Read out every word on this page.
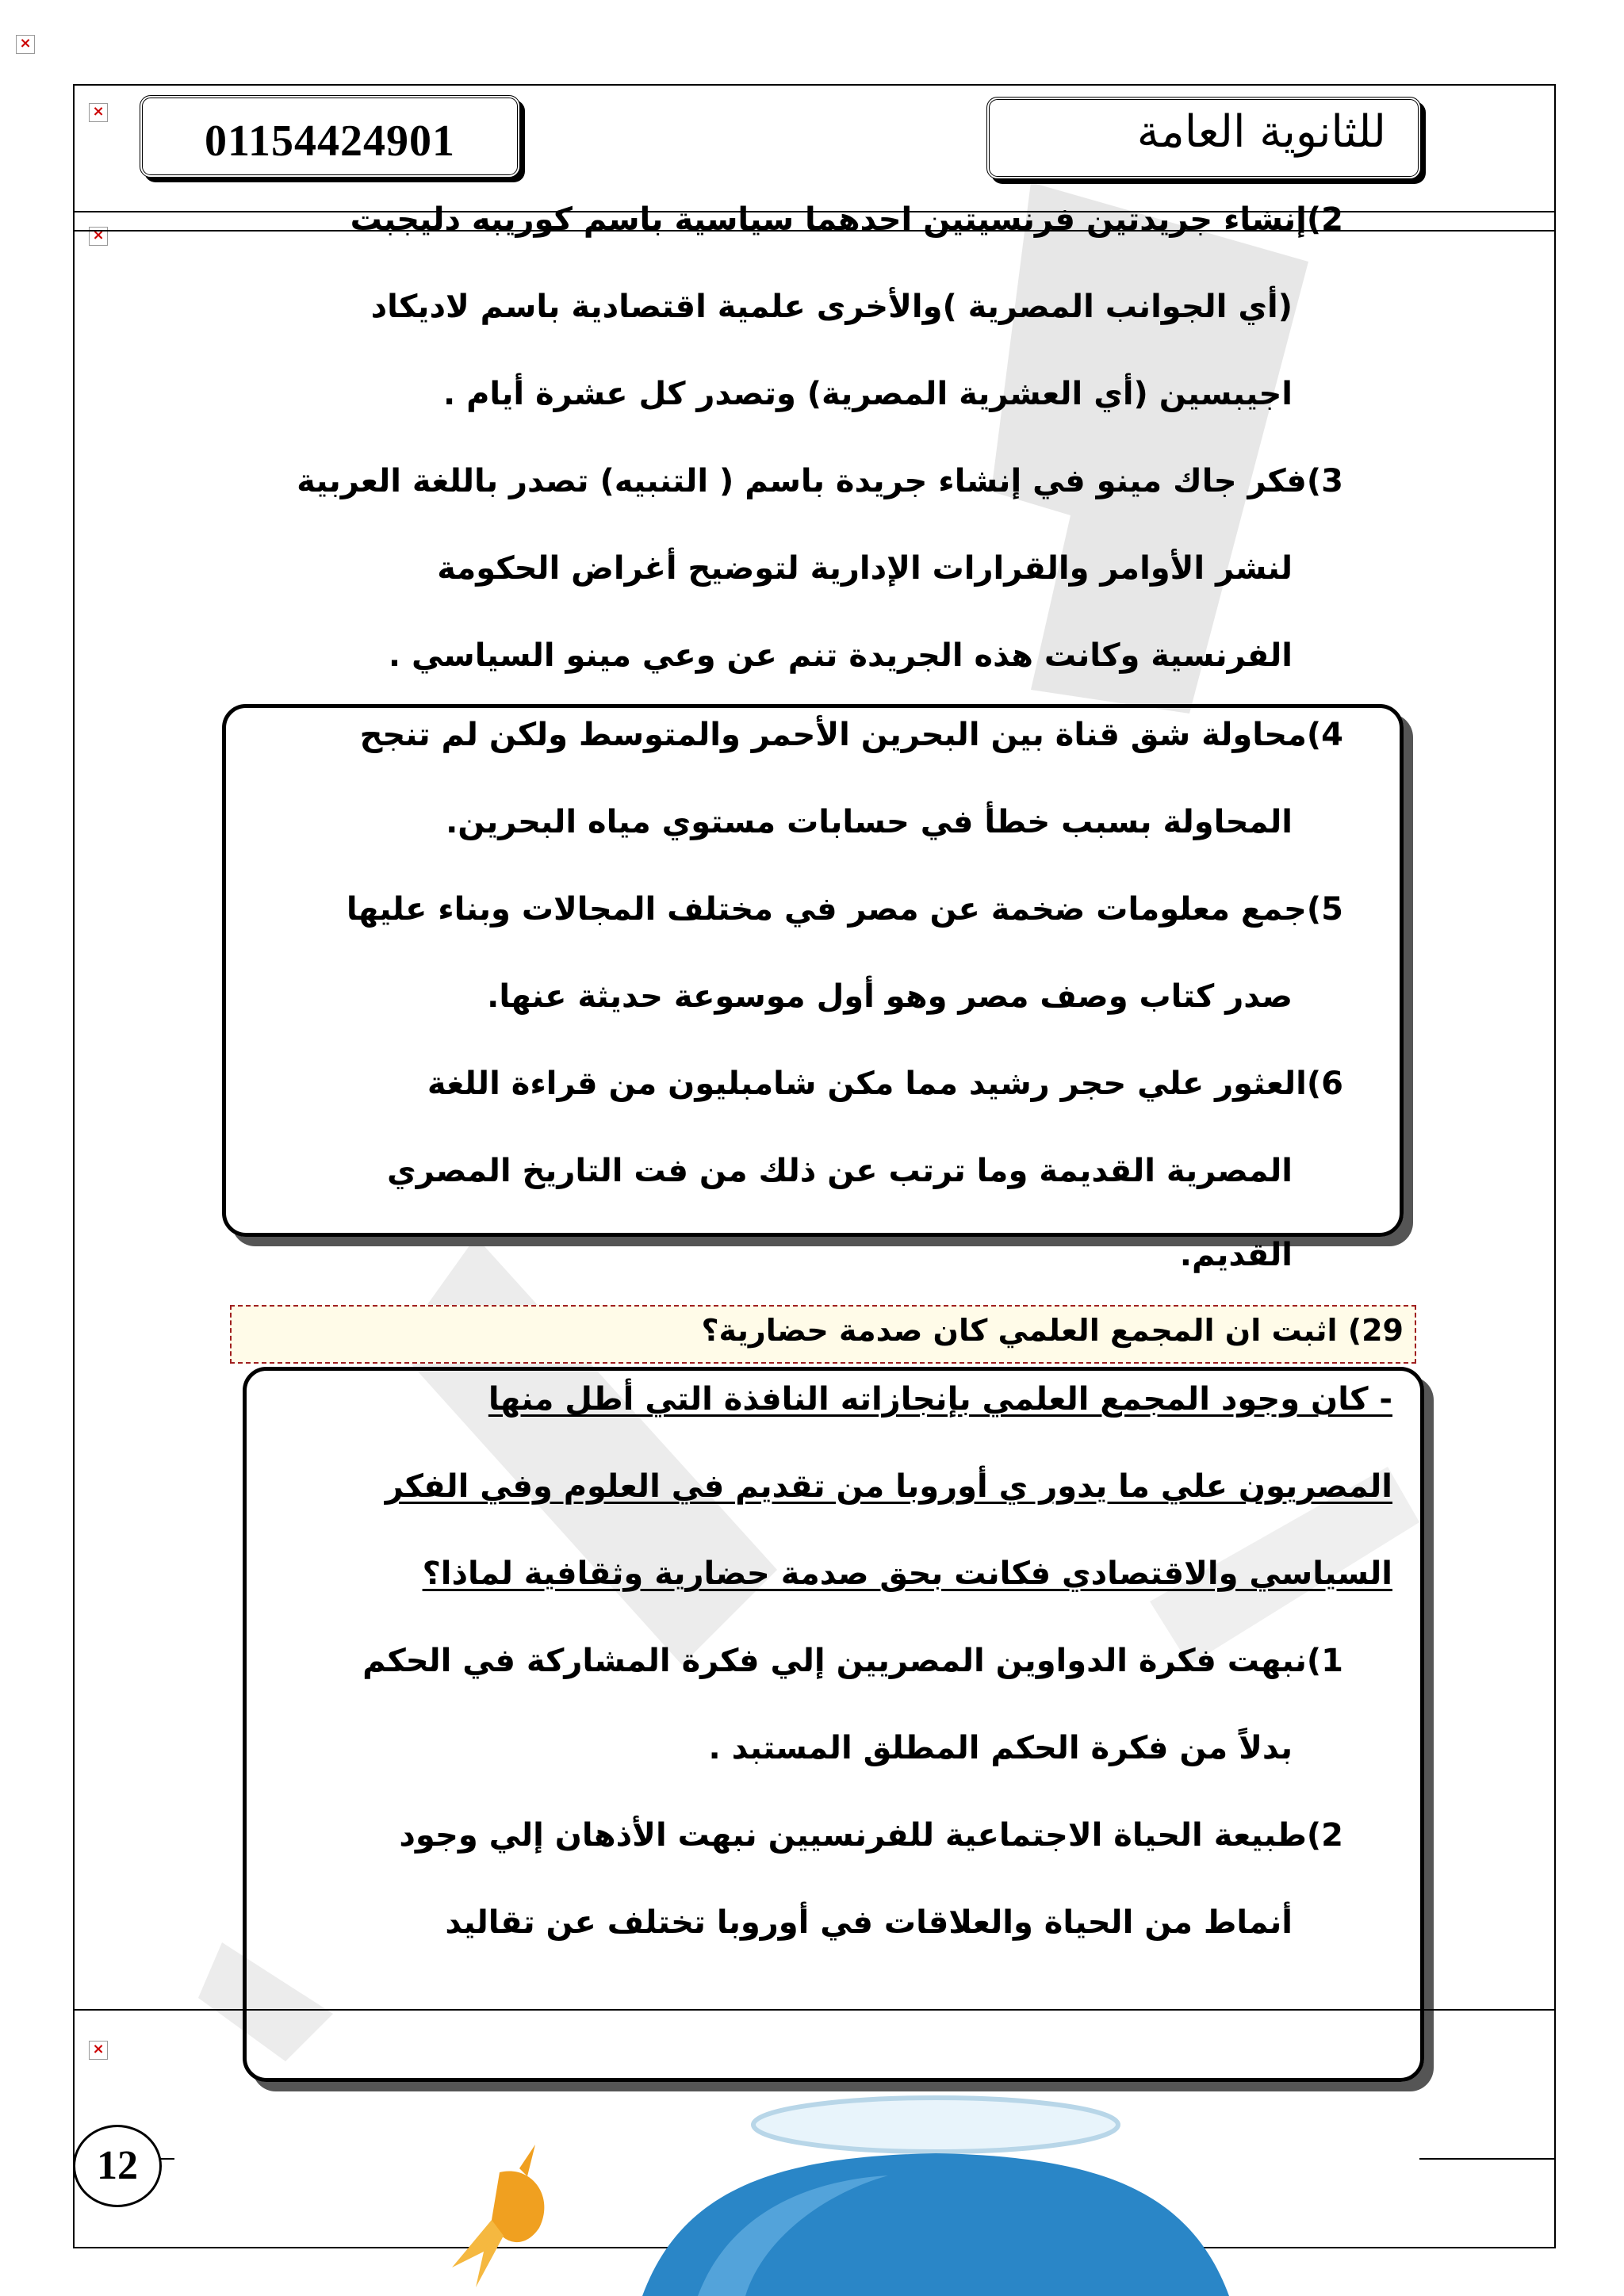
×
×
×
×
01154424901	للثانوية العامة
2)إنشاء جريدتين فرنسيتين احدهما سياسية باسم كوريبه دليجبت
(أي الجوانب المصرية )والأخرى علمية اقتصادية باسم لاديكاد
اجيبسين (أي العشرية المصرية) وتصدر كل عشرة أيام .
3)فكر جاك مينو في إنشاء جريدة باسم ( التنبيه) تصدر باللغة العربية
لنشر الأوامر والقرارات الإدارية لتوضيح أغراض الحكومة
الفرنسية وكانت هذه الجريدة تنم عن وعي مينو السياسي .
4)محاولة شق قناة بين البحرين الأحمر والمتوسط ولكن لم تنجح
المحاولة بسبب خطأ في حسابات مستوي مياه البحرين.
5)جمع معلومات ضخمة عن مصر في مختلف المجالات وبناء عليها
صدر كتاب وصف مصر وهو أول موسوعة حديثة عنها.
6)العثور علي حجر رشيد مما مكن شامبليون من قراءة اللغة
المصرية القديمة وما ترتب عن ذلك من فت التاريخ المصري
القديم.
29) اثبت ان المجمع العلمي كان صدمة حضارية؟
- كان وجود المجمع العلمي بإنجازاته النافذة التي أطل منها
المصريون علي ما يدور ي أوروبا من تقديم في العلوم وفي الفكر
السياسي والاقتصادي فكانت بحق صدمة حضارية وثقافية لماذا؟
1)نبهت فكرة الدواوين المصريين إلي فكرة المشاركة في الحكم
بدلاً من فكرة الحكم المطلق المستبد .
2)طبيعة الحياة الاجتماعية للفرنسيين نبهت الأذهان إلي وجود
أنماط من الحياة والعلاقات في أوروبا تختلف عن تقاليد
12
